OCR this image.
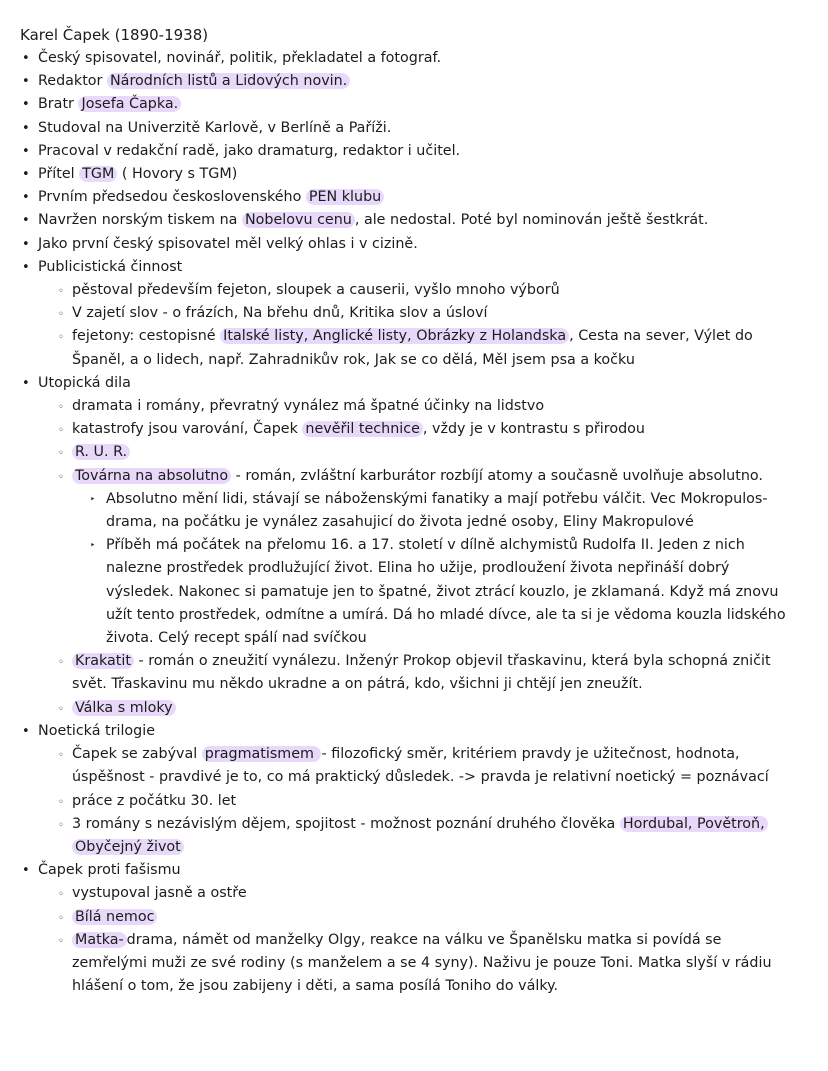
Karel Čapek (1890-1938)
• Český spisovatel, novinář, politik, překladatel a fotograf.
• Redaktor Národních listů a Lidových novin.
• Bratr Josefa Čapka.
• Studoval na Univerzitě Karlově, v Berlíně a Paříži.
• Pracoval v redakční radě, jako dramaturg, redaktor i učitel.
• Přítel TGM ( Hovory s TGM)
• Prvním předsedou československého PEN klubu
• Navržen norským tiskem na Nobelovu cenu , ale nedostal. Poté byl nominován ještě šestkrát.
• Jako první český spisovatel měl velký ohlas i v cizině.
• Publicistická činnost
◦ pěstoval především fejeton, sloupek a causerii, vyšlo mnoho výborů
◦ V zajetí slov - o frázích, Na břehu dnů, Kritika slov a úsloví
◦ fejetony: cestopisné Italské listy, Anglické listy, Obrázky z Holandska , Cesta na sever, Výlet do
Španěl, a o lidech, např. Zahradnikův rok, Jak se co dělá, Měl jsem psa a kočku
• Utopická dila
◦ dramata i romány, převratný vynález má špatné účinky na lidstvo
◦ katastrofy jsou varování, Čapek nevěřil technice , vždy je v kontrastu s přirodou
◦ R. U. R.
◦ Továrna na absolutno - román, zvláštní karburátor rozbíjí atomy a současně uvolňuje absolutno.
‣ Absolutno mění lidi, stávají se náboženskými fanatiky a mají potřebu válčit. Vec Mokropulos-
drama, na počátku je vynález zasahujicí do života jedné osoby, Eliny Makropulové
‣ Příběh má počátek na přelomu 16. a 17. století v dílně alchymistů Rudolfa II. Jeden z nich
nalezne prostředek prodlužující život. Elina ho užije, prodloužení života nepřináší dobrý
výsledek. Nakonec si pamatuje jen to špatné, život ztrácí kouzlo, je zklamaná. Když má znovu
užít tento prostředek, odmítne a umírá. Dá ho mladé dívce, ale ta si je vědoma kouzla lidského
života. Celý recept spálí nad svíčkou
◦ Krakatit - román o zneužití vynálezu. Inženýr Prokop objevil třaskavinu, která byla schopná zničit
svět. Třaskavinu mu někdo ukradne a on pátrá, kdo, všichni ji chtějí jen zneužít.
◦ Válka s mloky
• Noetická trilogie
◦ Čapek se zabýval pragmatismem - filozofický směr, kritériem pravdy je užitečnost, hodnota,
úspěšnost - pravdivé je to, co má praktický důsledek. -> pravda je relativní noetický = poznávací
◦ práce z počátku 30. let
◦ 3 romány s nezávislým dějem, spojitost - možnost poznání druhého člověka Hordubal, Povětroň,
Obyčejný život
• Čapek proti fašismu
◦ vystupoval jasně a ostře
◦ Bílá nemoc
◦ Matka- drama, námět od manželky Olgy, reakce na válku ve Španělsku matka si povídá se
zemřelými muži ze své rodiny (s manželem a se 4 syny). Naživu je pouze Toni. Matka slyší v rádiu
hlášení o tom, že jsou zabijeny i děti, a sama posílá Toniho do války.
